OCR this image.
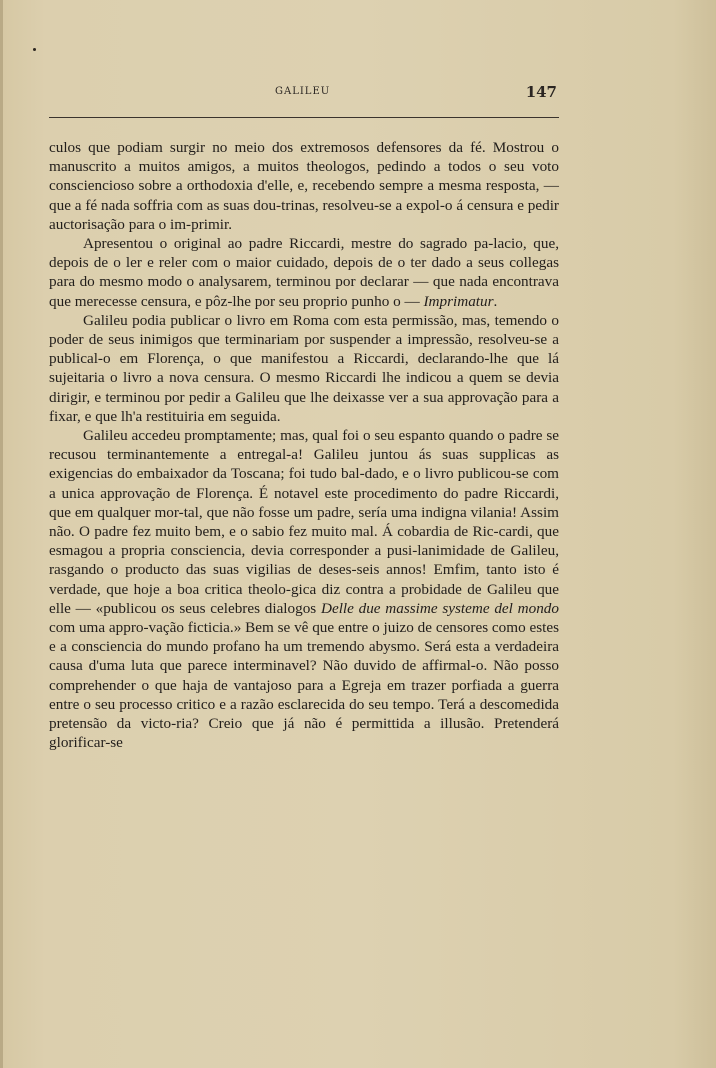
GALILEU	147

culos que podiam surgir no meio dos extremosos defensores da fé. Mostrou o manuscrito a muitos amigos, a muitos theologos, pedindo a todos o seu voto consciencioso sobre a orthodoxia d'elle, e, recebendo sempre a mesma resposta, — que a fé nada soffria com as suas dou-trinas, resolveu-se a expol-o á censura e pedir auctorisação para o im-primir.

Apresentou o original ao padre Riccardi, mestre do sagrado pa-lacio, que, depois de o ler e reler com o maior cuidado, depois de o ter dado a seus collegas para do mesmo modo o analysarem, terminou por declarar — que nada encontrava que merecesse censura, e pôz-lhe por seu proprio punho o — Imprimatur.

Galileu podia publicar o livro em Roma com esta permissão, mas, temendo o poder de seus inimigos que terminariam por suspender a impressão, resolveu-se a publical-o em Florença, o que manifestou a Riccardi, declarando-lhe que lá sujeitaria o livro a nova censura. O mesmo Riccardi lhe indicou a quem se devia dirigir, e terminou por pedir a Galileu que lhe deixasse ver a sua approvação para a fixar, e que lh'a restituiria em seguida.

Galileu accedeu promptamente; mas, qual foi o seu espanto quando o padre se recusou terminantemente a entregal-a! Galileu juntou ás suas supplicas as exigencias do embaixador da Toscana; foi tudo bal-dado, e o livro publicou-se com a unica approvação de Florença. É notavel este procedimento do padre Riccardi, que em qualquer mor-tal, que não fosse um padre, sería uma indigna vilania! Assim não. O padre fez muito bem, e o sabio fez muito mal. Á cobardia de Ric-cardi, que esmagou a propria consciencia, devia corresponder a pusi-lanimidade de Galileu, rasgando o producto das suas vigilias de deses-seis annos! Emfim, tanto isto é verdade, que hoje a boa critica theolo-gica diz contra a probidade de Galileu que elle — «publicou os seus celebres dialogos Delle due massime systeme del mondo com uma appro-vação ficticia.» Bem se vê que entre o juizo de censores como estes e a consciencia do mundo profano ha um tremendo abysmo. Será esta a verdadeira causa d'uma luta que parece interminavel? Não duvido de affirmal-o. Não posso comprehender o que haja de vantajoso para a Egreja em trazer porfiada a guerra entre o seu processo critico e a razão esclarecida do seu tempo. Terá a descomedida pretensão da victo-ria? Creio que já não é permittida a illusão. Pretenderá glorificar-se
